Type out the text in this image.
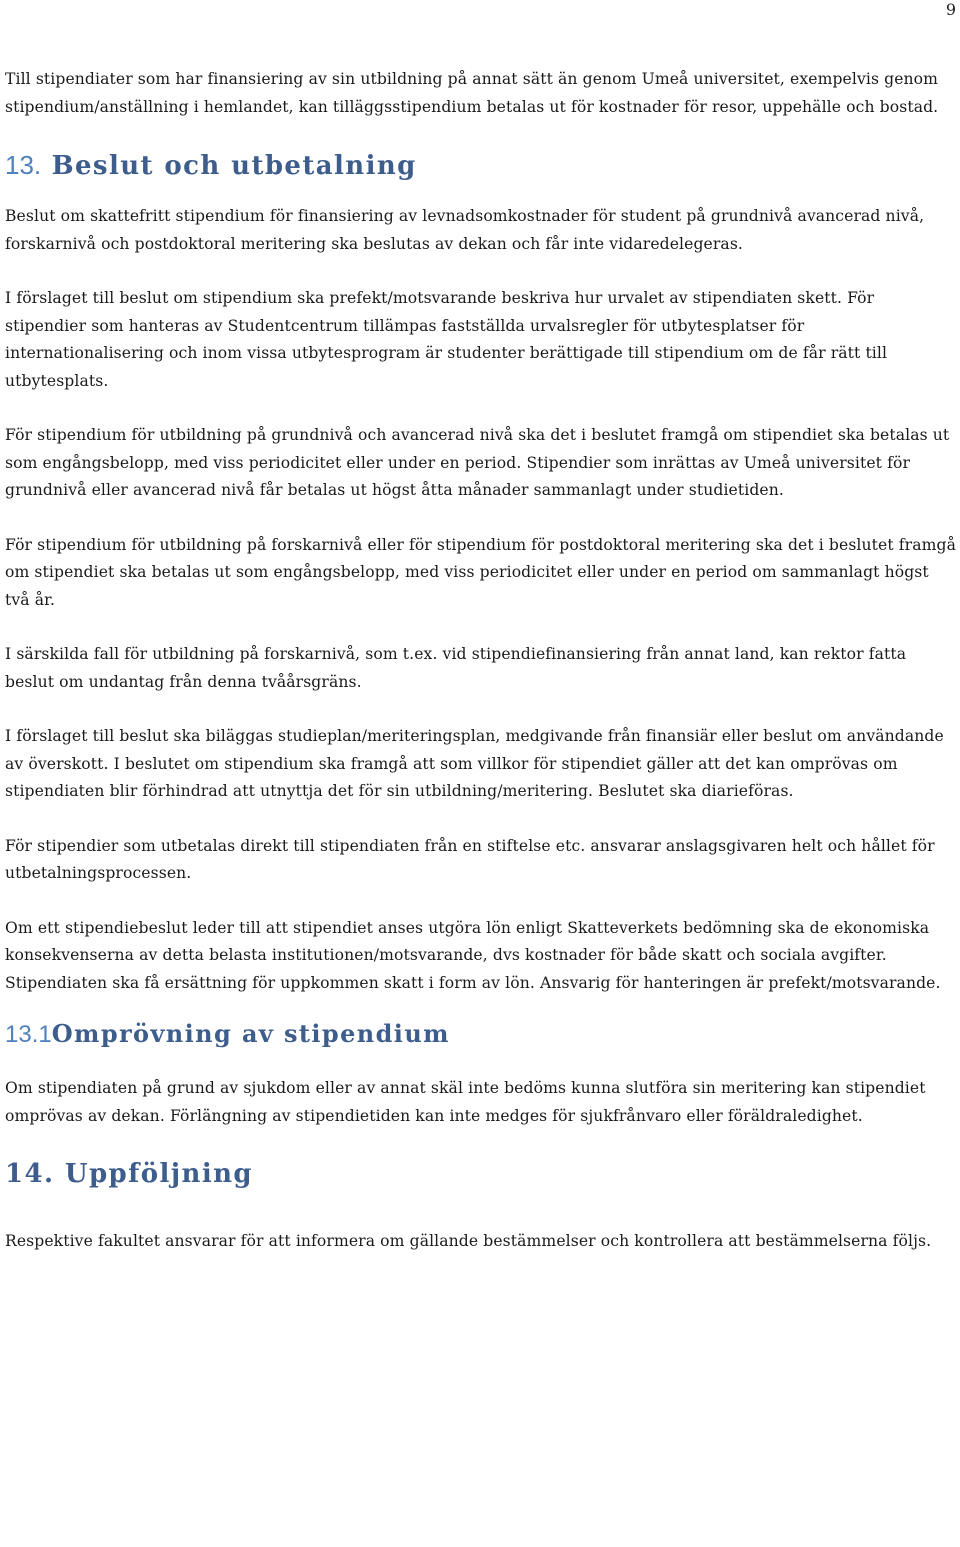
9

Till stipendiater som har finansiering av sin utbildning på annat sätt än genom Umeå universitet, exempelvis genom stipendium/anställning i hemlandet, kan tilläggsstipendium betalas ut för kostnader för resor, uppehälle och bostad.

13. Beslut och utbetalning

Beslut om skattefritt stipendium för finansiering av levnadsomkostnader för student på grundnivå avancerad nivå, forskarnivå och postdoktoral meritering ska beslutas av dekan och får inte vidaredelegeras.

I förslaget till beslut om stipendium ska prefekt/motsvarande beskriva hur urvalet av stipendiaten skett. För stipendier som hanteras av Studentcentrum tillämpas fastställda urvalsregler för utbytesplatser för internationalisering och inom vissa utbytesprogram är studenter berättigade till stipendium om de får rätt till utbytesplats.

För stipendium för utbildning på grundnivå och avancerad nivå ska det i beslutet framgå om stipendiet ska betalas ut som engångsbelopp, med viss periodicitet eller under en period. Stipendier som inrättas av Umeå universitet för grundnivå eller avancerad nivå får betalas ut högst åtta månader sammanlagt under studietiden.

För stipendium för utbildning på forskarnivå eller för stipendium för postdoktoral meritering ska det i beslutet framgå om stipendiet ska betalas ut som engångsbelopp, med viss periodicitet eller under en period om sammanlagt högst två år.

I särskilda fall för utbildning på forskarnivå, som t.ex. vid stipendiefinansiering från annat land, kan rektor fatta beslut om undantag från denna tvåårsgräns.

I förslaget till beslut ska biläggas studieplan/meriteringsplan, medgivande från finansiär eller beslut om användande av överskott. I beslutet om stipendium ska framgå att som villkor för stipendiet gäller att det kan omprövas om stipendiaten blir förhindrad att utnyttja det för sin utbildning/meritering. Beslutet ska diarieföras.

För stipendier som utbetalas direkt till stipendiaten från en stiftelse etc. ansvarar anslagsgivaren helt och hållet för utbetalningsprocessen.

Om ett stipendiebeslut leder till att stipendiet anses utgöra lön enligt Skatteverkets bedömning ska de ekonomiska konsekvenserna av detta belasta institutionen/motsvarande, dvs kostnader för både skatt och sociala avgifter. Stipendiaten ska få ersättning för uppkommen skatt i form av lön. Ansvarig för hanteringen är prefekt/motsvarande.

13.1Omprövning av stipendium

Om stipendiaten på grund av sjukdom eller av annat skäl inte bedöms kunna slutföra sin meritering kan stipendiet omprövas av dekan. Förlängning av stipendietiden kan inte medges för sjukfrånvaro eller föräldraledighet.

14. Uppföljning

Respektive fakultet ansvarar för att informera om gällande bestämmelser och kontrollera att bestämmelserna följs.
